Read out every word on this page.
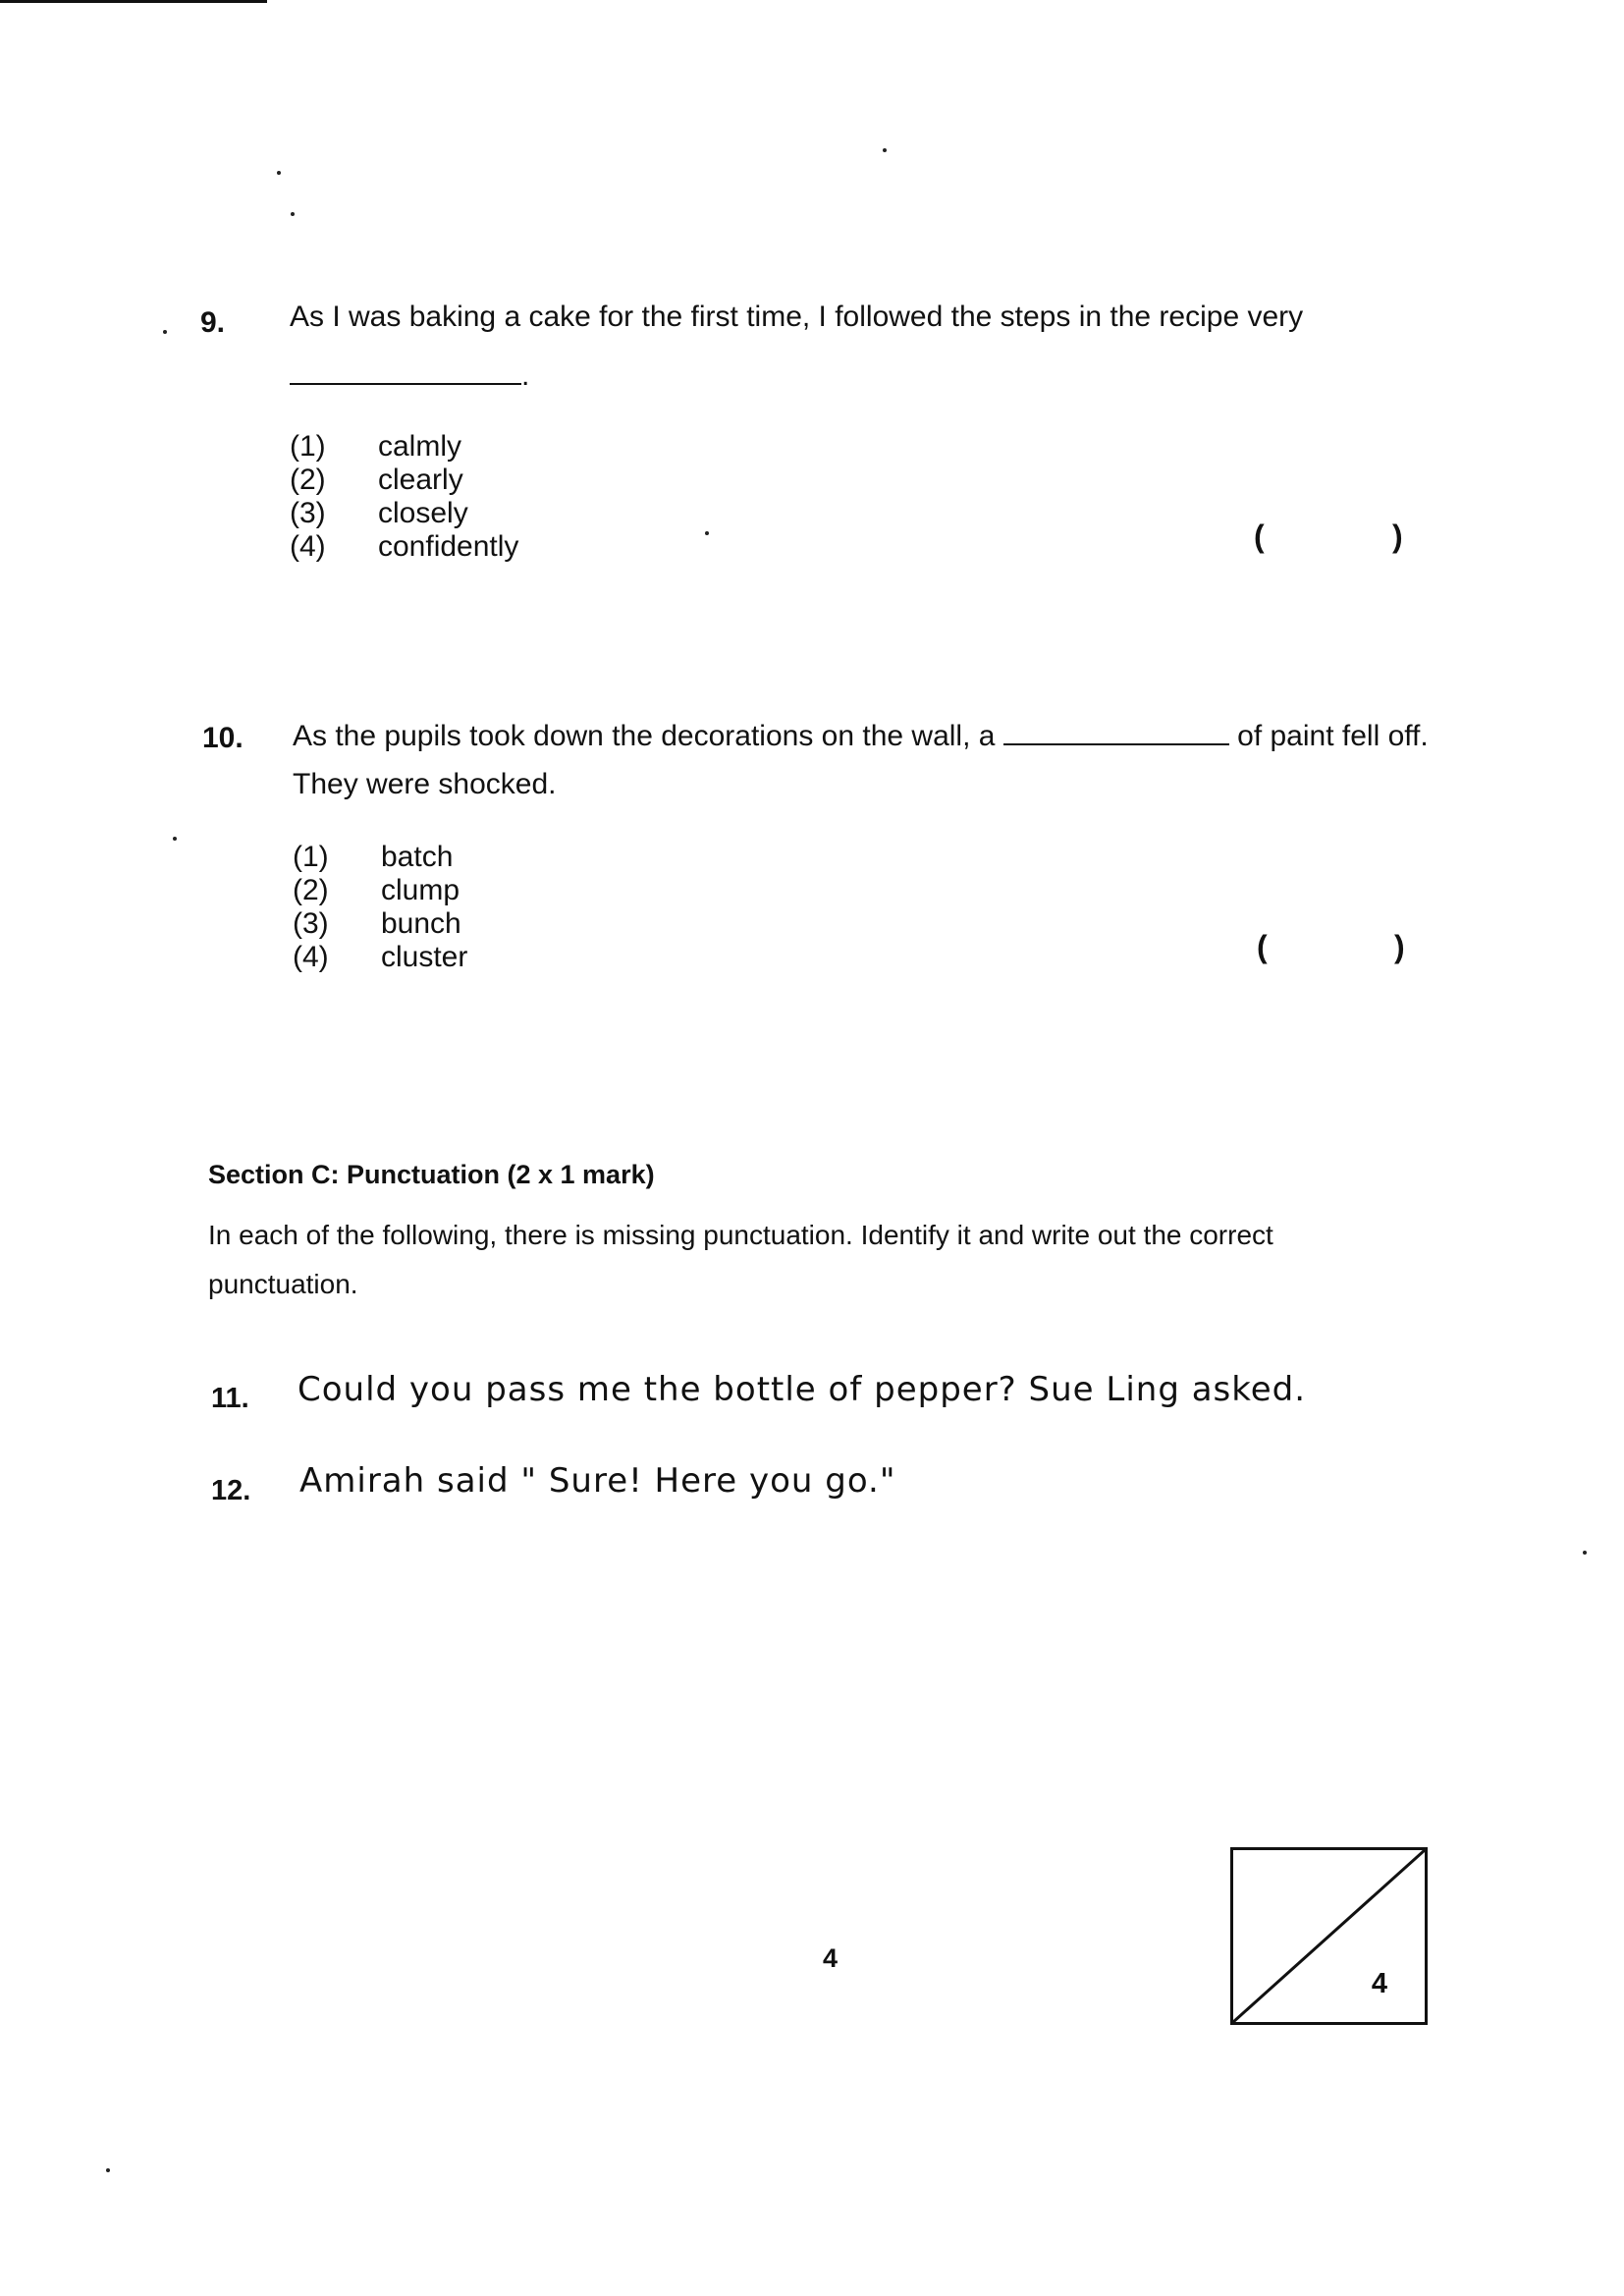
9. As I was baking a cake for the first time, I followed the steps in the recipe very
.
(1) calmly
(2) clearly
(3) closely
(4) confidently	(	)
10. As the pupils took down the decorations on the wall, a	of paint fell off.
They were shocked.
(1) batch
(2) clump
(3) bunch
(4) cluster	(	)
Section C: Punctuation (2 x 1 mark)
In each of the following, there is missing punctuation. Identify it and write out the correct
punctuation.
11. Could you pass me the bottle of pepper? Sue Ling asked.
12. Amirah said " Sure! Here you go."
4
4
